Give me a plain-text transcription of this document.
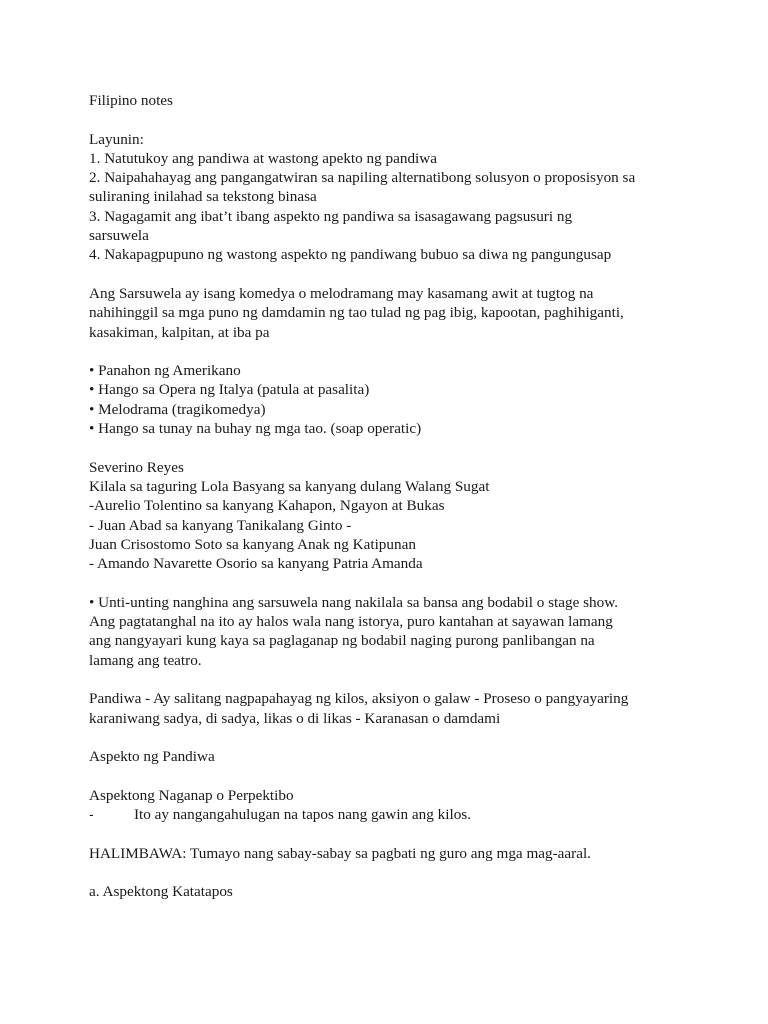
Filipino notes
Layunin:
1. Natutukoy ang pandiwa at wastong apekto ng pandiwa
2. Naipahahayag ang pangangatwiran sa napiling alternatibong solusyon o proposisyon sa
suliraning inilahad sa tekstong binasa
3. Nagagamit ang ibat’t ibang aspekto ng pandiwa sa isasagawang pagsusuri ng
sarsuwela
4. Nakapagpupuno ng wastong aspekto ng pandiwang bubuo sa diwa ng pangungusap
Ang Sarsuwela ay isang komedya o melodramang may kasamang awit at tugtog na
nahihinggil sa mga puno ng damdamin ng tao tulad ng pag ibig, kapootan, paghihiganti,
kasakiman, kalpitan, at iba pa
• Panahon ng Amerikano
• Hango sa Opera ng Italya (patula at pasalita)
• Melodrama (tragikomedya)
• Hango sa tunay na buhay ng mga tao. (soap operatic)
Severino Reyes
Kilala sa taguring Lola Basyang sa kanyang dulang Walang Sugat
-Aurelio Tolentino sa kanyang Kahapon, Ngayon at Bukas
- Juan Abad sa kanyang Tanikalang Ginto -
Juan Crisostomo Soto sa kanyang Anak ng Katipunan
- Amando Navarette Osorio sa kanyang Patria Amanda
• Unti-unting nanghina ang sarsuwela nang nakilala sa bansa ang bodabil o stage show.
Ang pagtatanghal na ito ay halos wala nang istorya, puro kantahan at sayawan lamang
ang nangyayari kung kaya sa paglaganap ng bodabil naging purong panlibangan na
lamang ang teatro.
Pandiwa - Ay salitang nagpapahayag ng kilos, aksiyon o galaw - Proseso o pangyayaring
karaniwang sadya, di sadya, likas o di likas - Karanasan o damdami
Aspekto ng Pandiwa
Aspektong Naganap o Perpektibo
-	Ito ay nangangahulugan na tapos nang gawin ang kilos.
HALIMBAWA: Tumayo nang sabay-sabay sa pagbati ng guro ang mga mag-aaral.
a. Aspektong Katatapos
